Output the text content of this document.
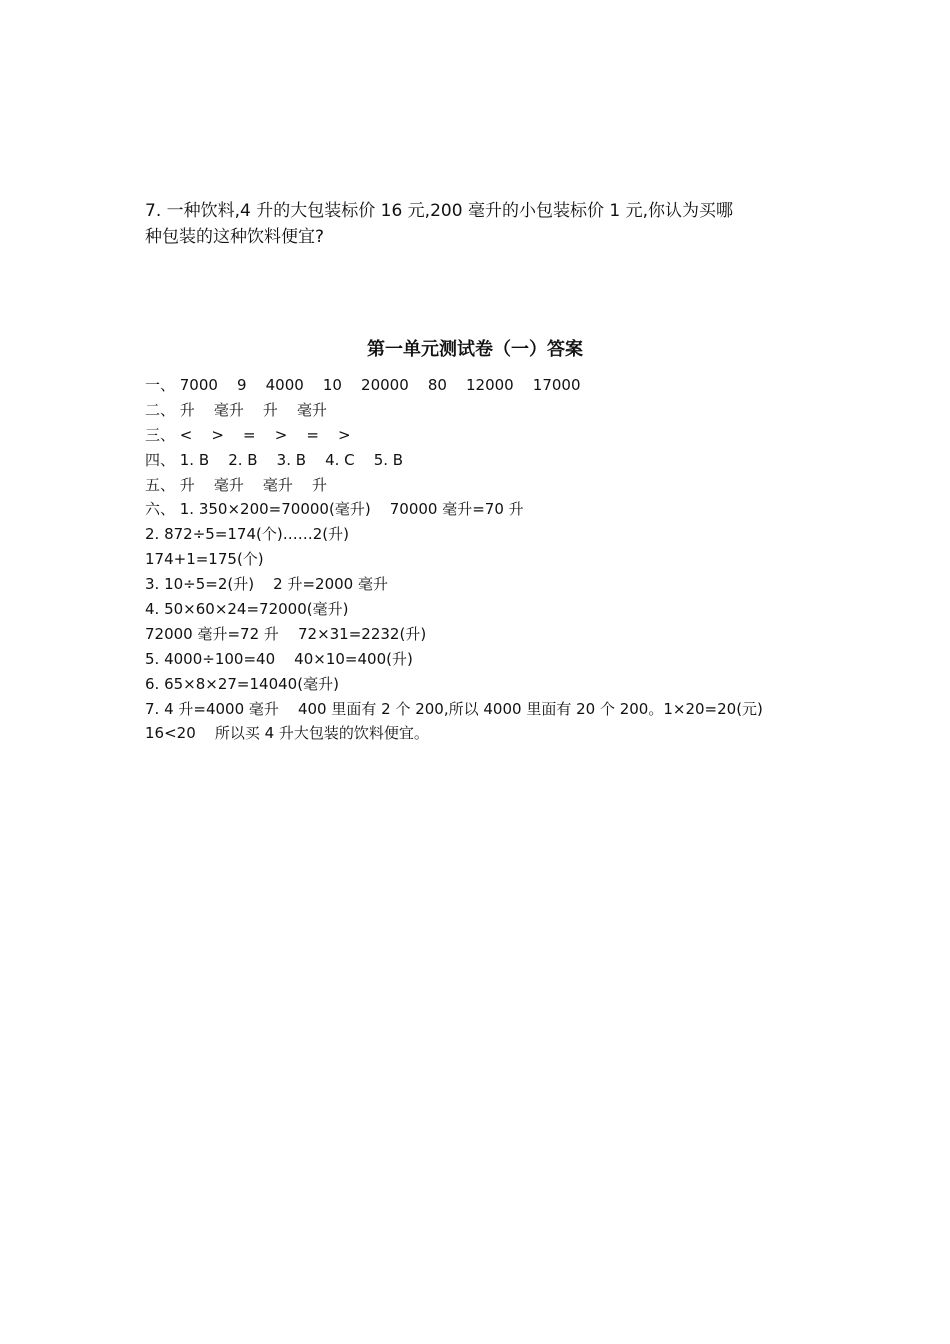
7. 一种饮料,4 升的大包装标价 16 元,200 毫升的小包装标价 1 元,你认为买哪

种包装的这种饮料便宜?

第一单元测试卷（一）答案
一、 7000    9    4000    10    20000    80    12000    17000
二、 升    毫升    升    毫升
三、 <    >    =    >    =    >
四、 1. B    2. B    3. B    4. C    5. B
五、 升    毫升    毫升    升
六、 1. 350×200=70000(毫升)    70000 毫升=70 升
2. 872÷5=174(个)……2(升)
174+1=175(个)
3. 10÷5=2(升)    2 升=2000 毫升
4. 50×60×24=72000(毫升)
72000 毫升=72 升    72×31=2232(升)
5. 4000÷100=40    40×10=400(升)
6. 65×8×27=14040(毫升)
7. 4 升=4000 毫升    400 里面有 2 个 200,所以 4000 里面有 20 个 200。1×20=20(元)
16<20    所以买 4 升大包装的饮料便宜。
